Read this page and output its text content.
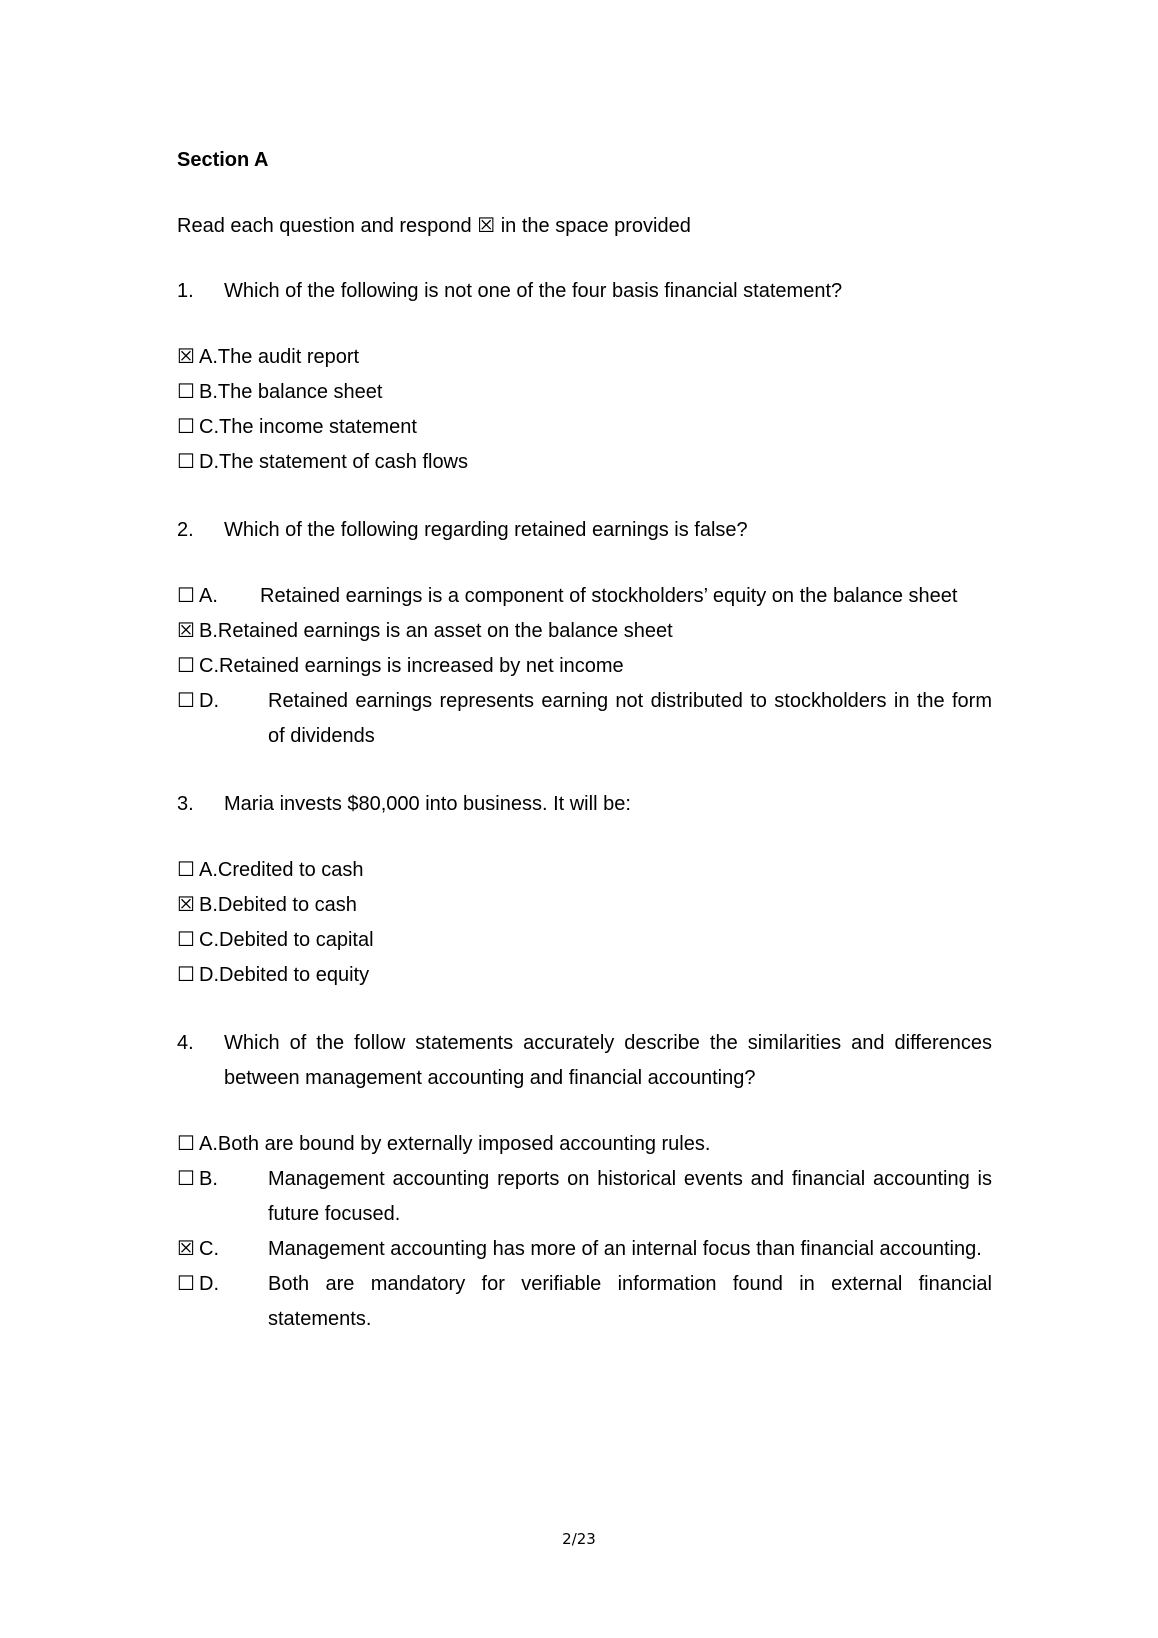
Section A

Read each question and respond ☒ in the space provided

1.	Which of the following is not one of the four basis financial statement?
☒ A. The audit report
☐ B. The balance sheet
☐ C. The income statement
☐ D. The statement of cash flows
2.	Which of the following regarding retained earnings is false?
☐ A.	Retained earnings is a component of stockholders’ equity on the balance sheet
☒ B. Retained earnings is an asset on the balance sheet
☐ C. Retained earnings is increased by net income
☐ D.	Retained earnings represents earning not distributed to stockholders in the form of dividends
3.	Maria invests $80,000 into business. It will be:
☐ A. Credited to cash
☒ B. Debited to cash
☐ C. Debited to capital
☐ D. Debited to equity
4.	Which of the follow statements accurately describe the similarities and differences between management accounting and financial accounting?
☐ A. Both are bound by externally imposed accounting rules.
☐ B.	Management accounting reports on historical events and financial accounting is future focused.
☒ C.	Management accounting has more of an internal focus than financial accounting.
☐ D.	Both are mandatory for verifiable information found in external financial statements.
2/23
